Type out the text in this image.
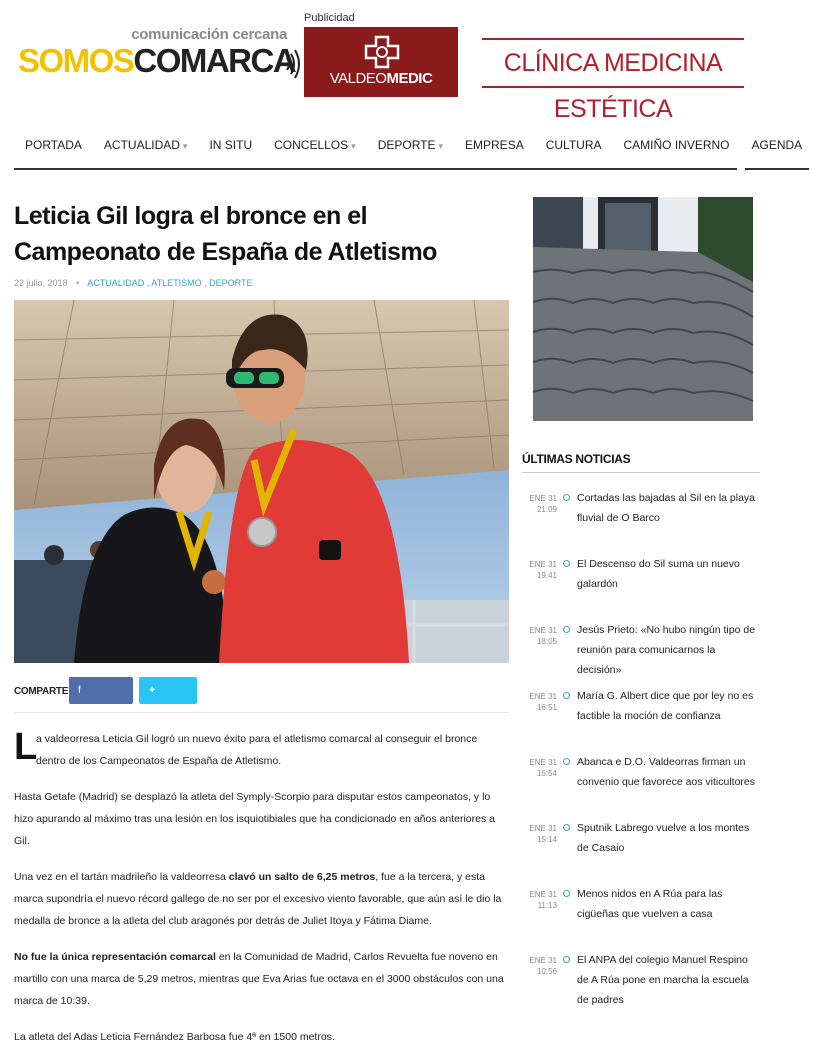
comunicación cercana
SOMOSCOMARCA
Publicidad
VALDEOMEDIC
CLÍNICA MEDICINA ESTÉTICA
PORTADA	ACTUALIDAD ▾	IN SITU	CONCELLOS ▾	DEPORTE ▾	EMPRESA	CULTURA	CAMIÑO INVERNO	AGENDA
Leticia Gil logra el bronce en el Campeonato de España de Atletismo
22 julio, 2018 • ACTUALIDAD , ATLETISMO , DEPORTE
COMPARTE f Facebook
✦ Twitter

L
a valdeorresa Leticia Gil logró un nuevo éxito para el atletismo comarcal al conseguir el bronce dentro de los Campeonatos de España de Atletismo.

Hasta Getafe (Madrid) se desplazó la atleta del Symply-Scorpio para disputar estos campeonatos, y lo hizo apurando al máximo tras una lesión en los isquiotibiales que ha condicionado en años anteriores a Gil.

Una vez en el tartán madrileño la valdeorresa clavó un salto de 6,25 metros, fue a la tercera, y esta marca supondría el nuevo récord gallego de no ser por el excesivo viento favorable, que aún así le dio la medalla de bronce a la atleta del club aragonés por detrás de Juliet Itoya y Fátima Diame.

No fue la única representación comarcal en la Comunidad de Madrid, Carlos Revuelta fue noveno en martillo con una marca de 5,29 metros, mientras que Eva Arias fue octava en el 3000 obstáculos con una marca de 10:39.

La atleta del Adas Leticia Fernández Barbosa fue 4ª en 1500 metros.

ÚLTIMAS NOTICIAS
ENE 31
21:09
Cortadas las bajadas al Sil en la playa fluvial de O Barco
ENE 31
19:41
El Descenso do Sil suma un nuevo galardón
ENE 31
18:05
Jesús Prieto: «No hubo ningún tipo de reunión para comunicarnos la decisión»
ENE 31
16:51
María G. Albert dice que por ley no es factible la moción de confianza
ENE 31
15:54
Abanca e D.O. Valdeorras firman un convenio que favorece aos viticultores
ENE 31
15:14
Sputnik Labrego vuelve a los montes de Casaio
ENE 31
11:13
Menos nidos en A Rúa para las cigüeñas que vuelven a casa
ENE 31
10:56
El ANPA del colegio Manuel Respino de A Rúa pone en marcha la escuela de padres
